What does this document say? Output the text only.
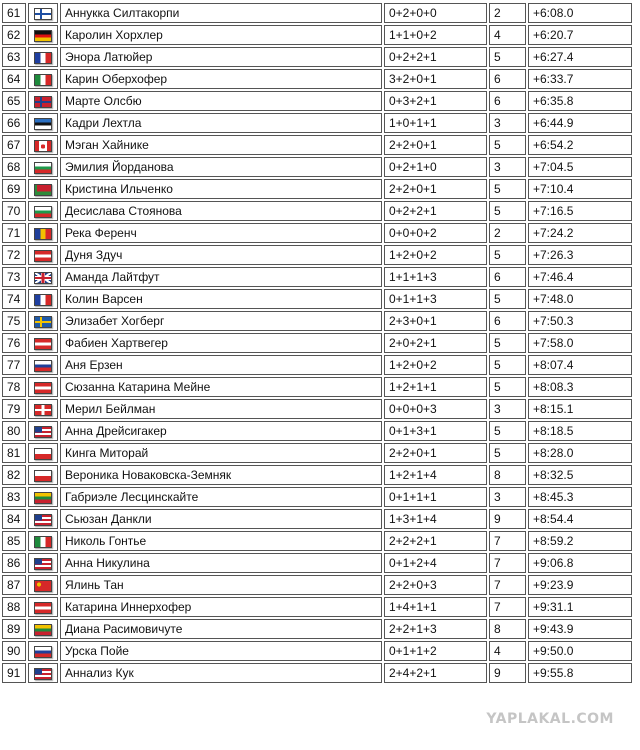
61		Аннукка Силтакорпи	0+2+0+0	2	+6:08.0
62		Каролин Хорхлер	1+1+0+2	4	+6:20.7
63		Энора Латюйер	0+2+2+1	5	+6:27.4
64		Карин Оберхофер	3+2+0+1	6	+6:33.7
65		Марте Олсбю	0+3+2+1	6	+6:35.8
66		Кадри Лехтла	1+0+1+1	3	+6:44.9
67		Мэган Хайнике	2+2+0+1	5	+6:54.2
68		Эмилия Йорданова	0+2+1+0	3	+7:04.5
69		Кристина Ильченко	2+2+0+1	5	+7:10.4
70		Десислава Стоянова	0+2+2+1	5	+7:16.5
71		Река Ференч	0+0+0+2	2	+7:24.2
72		Дуня Здуч	1+2+0+2	5	+7:26.3
73		Аманда Лайтфут	1+1+1+3	6	+7:46.4
74		Колин Варсен	0+1+1+3	5	+7:48.0
75		Элизабет Хогберг	2+3+0+1	6	+7:50.3
76		Фабиен Хартвегер	2+0+2+1	5	+7:58.0
77		Аня Ерзен	1+2+0+2	5	+8:07.4
78		Сюзанна Катарина Мейне	1+2+1+1	5	+8:08.3
79		Мерил Бейлман	0+0+0+3	3	+8:15.1
80		Анна Дрейсигакер	0+1+3+1	5	+8:18.5
81		Кинга Миторай	2+2+0+1	5	+8:28.0
82		Вероника Новаковска-Земняк	1+2+1+4	8	+8:32.5
83		Габриэле Лесцинскайте	0+1+1+1	3	+8:45.3
84		Сьюзан Данкли	1+3+1+4	9	+8:54.4
85		Николь Гонтье	2+2+2+1	7	+8:59.2
86		Анна Никулина	0+1+2+4	7	+9:06.8
87		Ялинь Тан	2+2+0+3	7	+9:23.9
88		Катарина Иннерхофер	1+4+1+1	7	+9:31.1
89		Диана Расимовичуте	2+2+1+3	8	+9:43.9
90		Урска Пойе	0+1+1+2	4	+9:50.0
91		Аннализ Кук	2+4+2+1	9	+9:55.8
YAPLAKAL.COM
